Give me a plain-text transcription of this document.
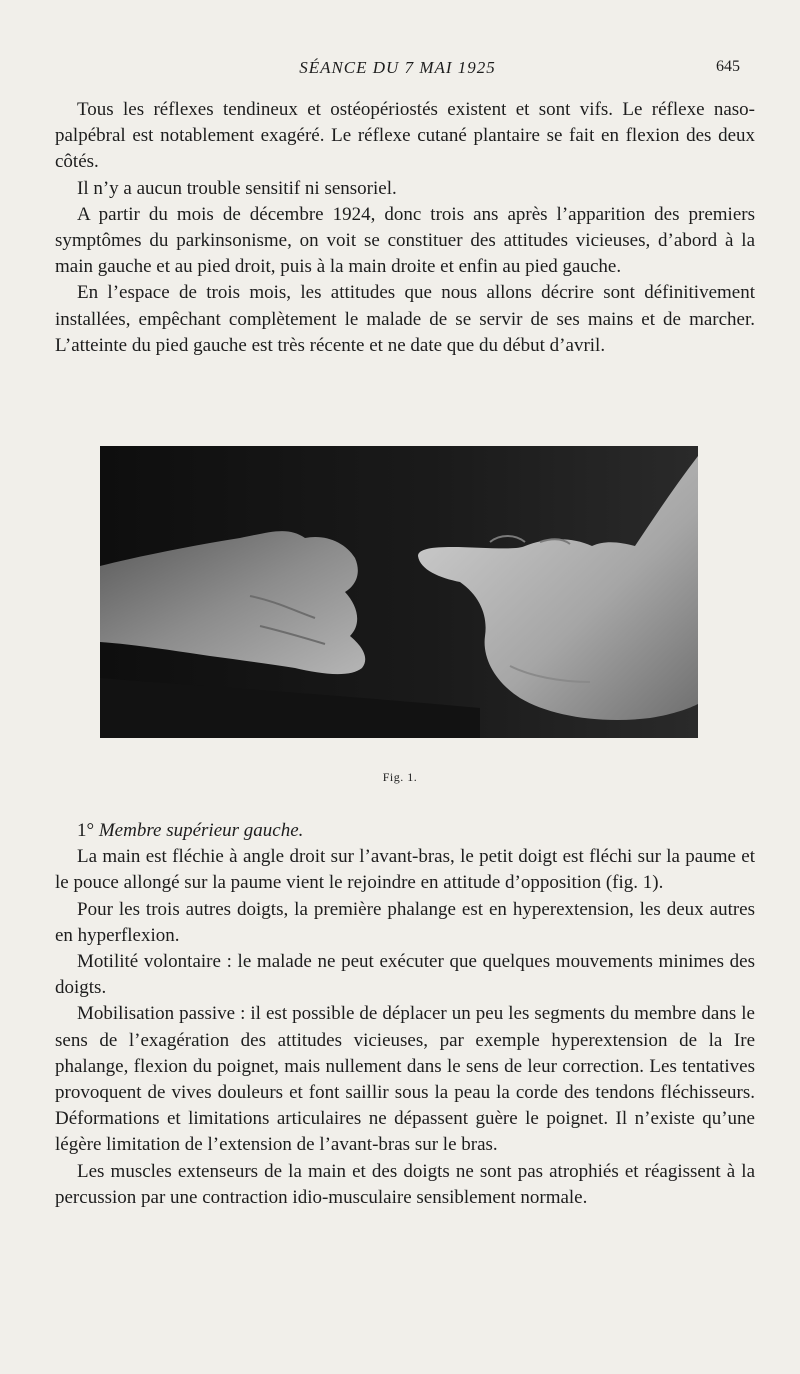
SÉANCE DU 7 MAI 1925	645

Tous les réflexes tendineux et ostéopériostés existent et sont vifs. Le réflexe naso-palpébral est notablement exagéré. Le réflexe cutané plantaire se fait en flexion des deux côtés.

Il n’y a aucun trouble sensitif ni sensoriel.

A partir du mois de décembre 1924, donc trois ans après l’apparition des premiers symptômes du parkinsonisme, on voit se constituer des attitudes vicieuses, d’abord à la main gauche et au pied droit, puis à la main droite et enfin au pied gauche.

En l’espace de trois mois, les attitudes que nous allons décrire sont définitivement installées, empêchant complètement le malade de se servir de ses mains et de marcher. L’atteinte du pied gauche est très récente et ne date que du début d’avril.

Fig. 1.

1° Membre supérieur gauche.

La main est fléchie à angle droit sur l’avant-bras, le petit doigt est fléchi sur la paume et le pouce allongé sur la paume vient le rejoindre en attitude d’opposition (fig. 1).

Pour les trois autres doigts, la première phalange est en hyperextension, les deux autres en hyperflexion.

Motilité volontaire : le malade ne peut exécuter que quelques mouvements minimes des doigts.

Mobilisation passive : il est possible de déplacer un peu les segments du membre dans le sens de l’exagération des attitudes vicieuses, par exemple hyperextension de la Ire phalange, flexion du poignet, mais nullement dans le sens de leur correction. Les tentatives provoquent de vives douleurs et font saillir sous la peau la corde des tendons fléchisseurs. Déformations et limitations articulaires ne dépassent guère le poignet. Il n’existe qu’une légère limitation de l’extension de l’avant-bras sur le bras.

Les muscles extenseurs de la main et des doigts ne sont pas atrophiés et réagissent à la percussion par une contraction idio-musculaire sensiblement normale.
